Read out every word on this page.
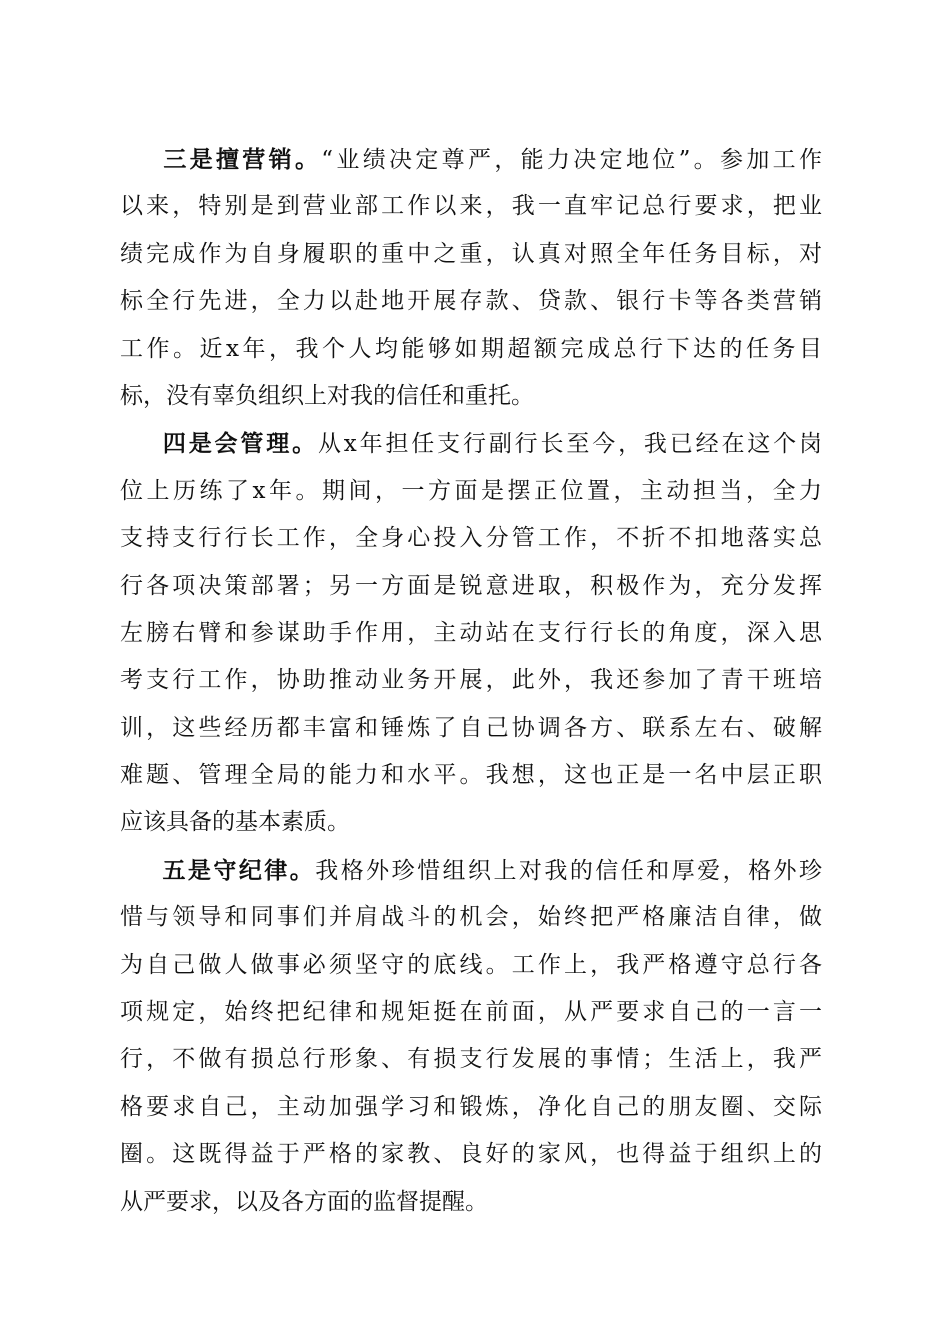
三是擅营销。“业绩决定尊严，能力决定地位”。参加工作
以来，特别是到营业部工作以来，我一直牢记总行要求，把业
绩完成作为自身履职的重中之重，认真对照全年任务目标，对
标全行先进，全力以赴地开展存款、贷款、银行卡等各类营销
工作。近x年，我个人均能够如期超额完成总行下达的任务目
标，没有辜负组织上对我的信任和重托。
四是会管理。从x年担任支行副行长至今，我已经在这个岗
位上历练了x年。期间，一方面是摆正位置，主动担当，全力
支持支行行长工作，全身心投入分管工作，不折不扣地落实总
行各项决策部署；另一方面是锐意进取，积极作为，充分发挥
左膀右臂和参谋助手作用，主动站在支行行长的角度，深入思
考支行工作，协助推动业务开展，此外，我还参加了青干班培
训，这些经历都丰富和锤炼了自己协调各方、联系左右、破解
难题、管理全局的能力和水平。我想，这也正是一名中层正职
应该具备的基本素质。
五是守纪律。我格外珍惜组织上对我的信任和厚爱，格外珍
惜与领导和同事们并肩战斗的机会，始终把严格廉洁自律，做
为自己做人做事必须坚守的底线。工作上，我严格遵守总行各
项规定，始终把纪律和规矩挺在前面，从严要求自己的一言一
行，不做有损总行形象、有损支行发展的事情；生活上，我严
格要求自己，主动加强学习和锻炼，净化自己的朋友圈、交际
圈。这既得益于严格的家教、良好的家风，也得益于组织上的
从严要求，以及各方面的监督提醒。
